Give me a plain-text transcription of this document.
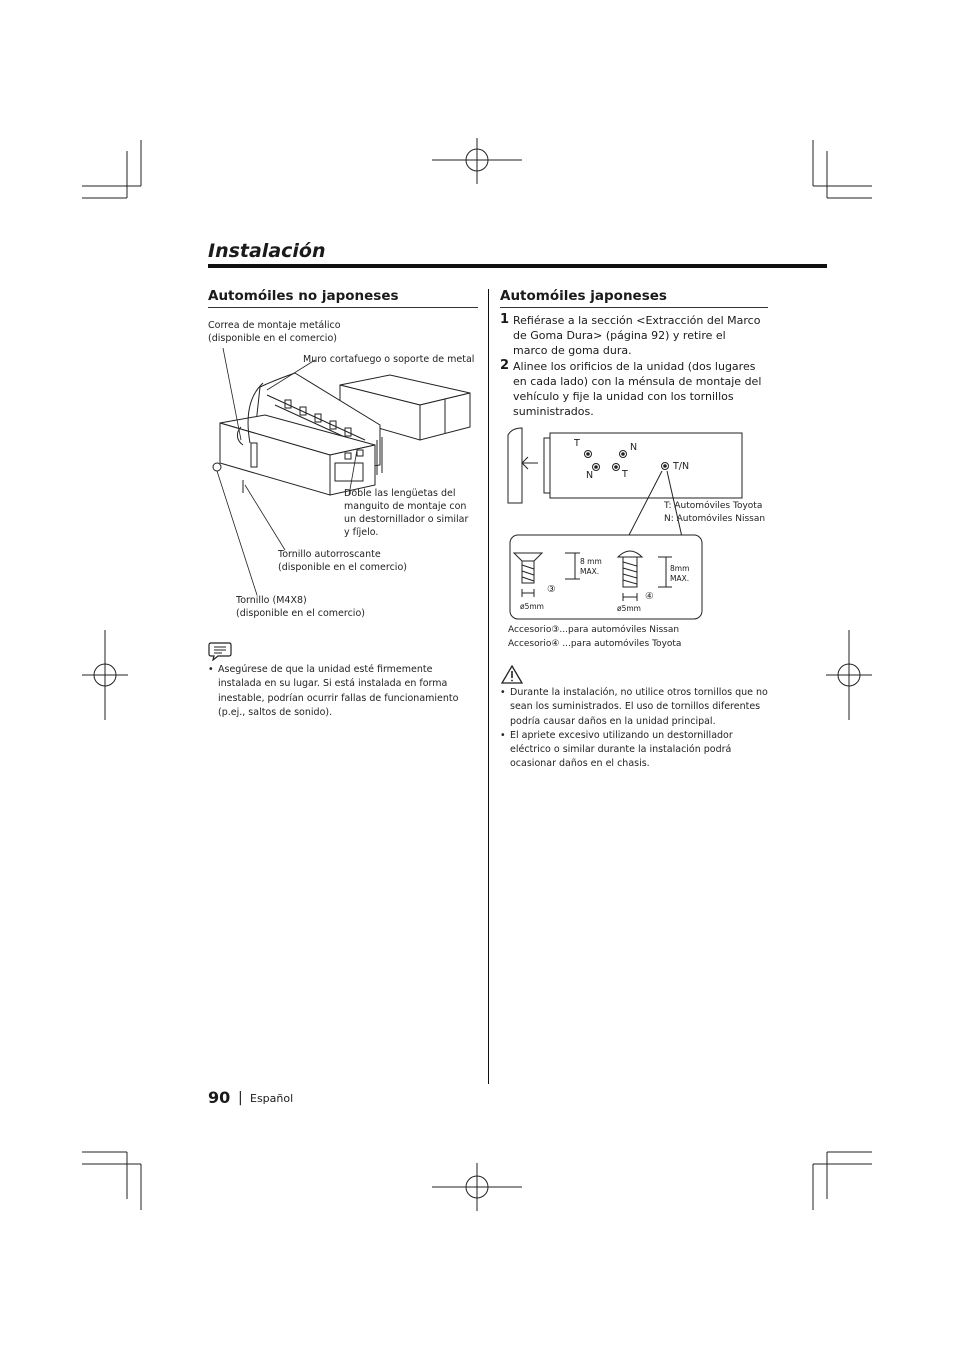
Instalación
Automóiles no japoneses
Correa de montaje metálico
(disponible en el comercio)
Muro cortafuego o soporte de metal
Doble las lengüetas del
manguito de montaje con
un destornillador o similar
y fíjelo.
Tornillo autorroscante
(disponible en el comercio)
Tornillo (M4X8)
(disponible en el comercio)
• Asegúrese de que la unidad esté firmemente instalada en su lugar. Si está instalada en forma inestable, podrían ocurrir fallas de funcionamiento (p.ej., saltos de sonido).
Automóiles japoneses
1 Refiérase a la sección <Extracción del Marco de Goma Dura> (página 92) y retire el marco de goma dura.
2 Alinee los orificios de la unidad (dos lugares en cada lado) con la ménsula de montaje del vehículo y fije la unidad con los tornillos suministrados.
T	N
N	T
T/N
T: Automóviles Toyota
N: Automóviles Nissan
8 mm
MAX.
③
ø5mm
8mm
MAX.
④
ø5mm
Accesorio③...para automóviles Nissan
Accesorio④ ...para automóviles Toyota
• Durante la instalación, no utilice otros tornillos que no sean los suministrados. El uso de tornillos diferentes podría causar daños en la unidad principal.
• El apriete excesivo utilizando un destornillador eléctrico o similar durante la instalación podrá ocasionar daños en el chasis.
90 | Español
